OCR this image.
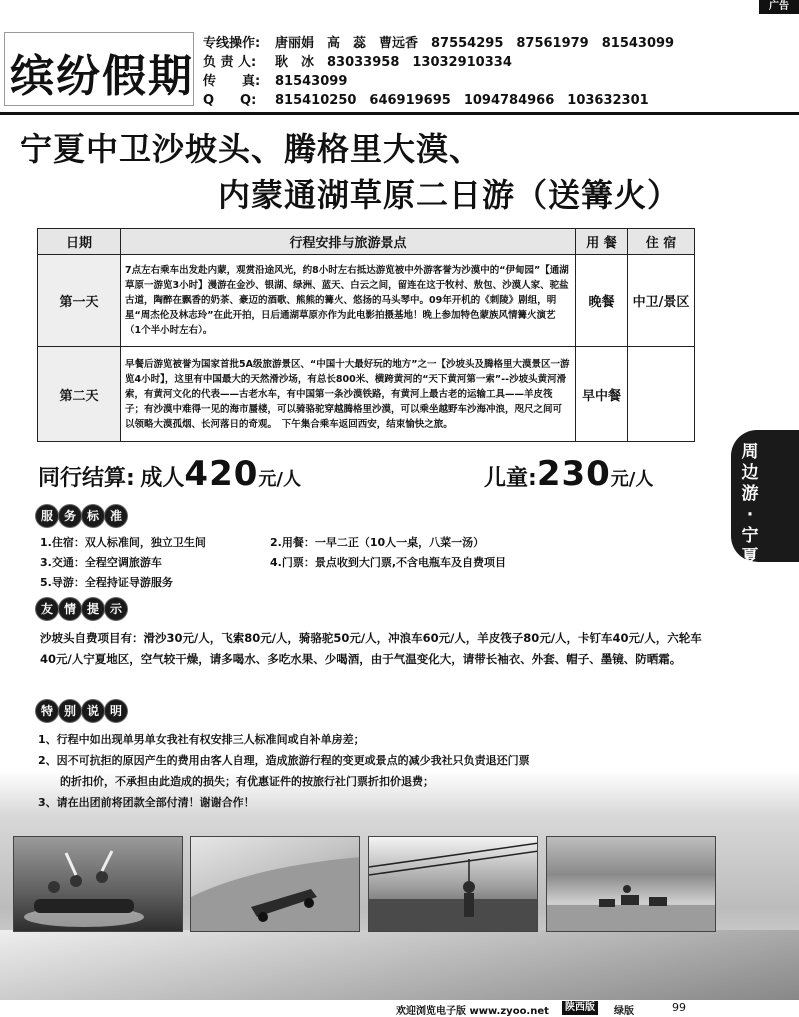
广告
缤纷假期
专线操作:	唐丽娟　高　蕊　曹远香　87554295　87561979　81543099
负 责 人:	耿　冰　83033958　13032910334
传　　真:	81543099
Q　　Q:	815410250　646919695　1094784966　103632301
宁夏中卫沙坡头、腾格里大漠、
内蒙通湖草原二日游（送篝火）
日期	行程安排与旅游景点	用 餐	住 宿
第一天	7点左右乘车出发赴内蒙，观赏沿途风光，约8小时左右抵达游览被中外游客誉为沙漠中的“伊甸园”【通湖草原一游览3小时】漫游在金沙、银湖、绿洲、蓝天、白云之间，留连在这于牧村、敖包、沙漠人家、驼盐古道，陶醉在飘香的奶茶、豪迈的酒歌、熊熊的篝火、悠扬的马头琴中。09年开机的《刺陵》剧组，明星“周杰伦及林志玲”在此开拍，日后通湖草原亦作为此电影拍摄基地！晚上参加特色蒙族风情篝火演艺（1个半小时左右）。	晚餐	中卫/景区
第二天	早餐后游览被誉为国家首批5A级旅游景区、“中国十大最好玩的地方”之一【沙坡头及腾格里大漠景区一游览4小时】，这里有中国最大的天然滑沙场，有总长800米、横跨黄河的“天下黄河第一索”--沙坡头黄河滑索，有黄河文化的代表——古老水车，有中国第一条沙漠铁路，有黄河上最古老的运输工具——羊皮筏子；有沙漠中难得一见的海市蜃楼，可以骑骆驼穿越腾格里沙漠，可以乘坐越野车沙海冲浪，咫尺之间可以领略大漠孤烟、长河落日的奇观。　下午集合乘车返回西安，结束愉快之旅。	早中餐	
同行结算: 成人420元/人	儿童:230元/人
服 务 标 准
1.住宿：双人标准间，独立卫生间	2.用餐：一早二正（10人一桌，八菜一汤）
3.交通：全程空调旅游车	4.门票：景点收到大门票,不含电瓶车及自费项目
5.导游：全程持证导游服务
友 情 提 示
沙坡头自费项目有：滑沙30元/人，飞索80元/人，骑骆驼50元/人，冲浪车60元/人，羊皮筏子80元/人，卡钉车40元/人，六轮车40元/人宁夏地区，空气较干燥，请多喝水、多吃水果、少喝酒，由于气温变化大，请带长袖衣、外套、帽子、墨镜、防晒霜。
周
边
游
·
宁
夏
特 别 说 明
1、行程中如出现单男单女我社有权安排三人标准间或自补单房差；
2、因不可抗拒的原因产生的费用由客人自理，造成旅游行程的变更或景点的减少我社只负责退还门票
　　的折扣价，不承担由此造成的损失；有优惠证件的按旅行社门票折扣价退费；
3、请在出团前将团款全部付清！谢谢合作！
欢迎浏览电子版 www.zyoo.net	陕西版	绿版	99
